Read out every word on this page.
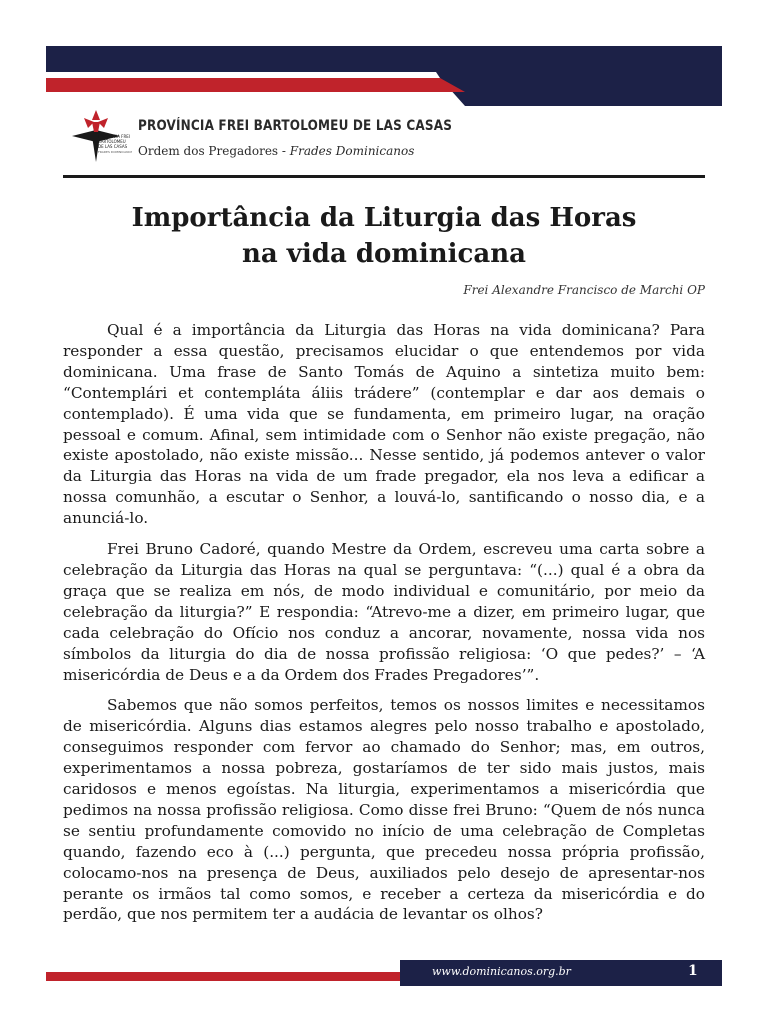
PROVÍNCIA FREI
BARTOLOMEU
DE LAS CASAS
FRADES DOMINICANOS
PROVÍNCIA FREI BARTOLOMEU DE LAS CASAS
Ordem dos Pregadores - Frades Dominicanos
Importância da Liturgia das Horas
na vida dominicana
Frei Alexandre Francisco de Marchi OP

Qual é a importância da Liturgia das Horas na vida dominicana? Para responder a essa questão, precisamos elucidar o que entendemos por vida dominicana. Uma frase de Santo Tomás de Aquino a sintetiza muito bem: “Contemplári et contempláta áliis trádere” (contemplar e dar aos demais o contemplado). É uma vida que se fundamenta, em primeiro lugar, na oração pessoal e comum. Afinal, sem intimidade com o Senhor não existe pregação, não existe apostolado, não existe missão... Nesse sentido, já podemos antever o valor da Liturgia das Horas na vida de um frade pregador, ela nos leva a edificar a nossa comunhão, a escutar o Senhor, a louvá-lo, santificando o nosso dia, e a anunciá-lo.

Frei Bruno Cadoré, quando Mestre da Ordem, escreveu uma carta sobre a celebração da Liturgia das Horas na qual se perguntava: “(...) qual é a obra da graça que se realiza em nós, de modo individual e comunitário, por meio da celebração da liturgia?” E respondia: “Atrevo-me a dizer, em primeiro lugar, que cada celebração do Ofício nos conduz a ancorar, novamente, nossa vida nos símbolos da liturgia do dia de nossa profissão religiosa: ‘O que pedes?’ – ‘A misericórdia de Deus e a da Ordem dos Frades Pregadores’”.

Sabemos que não somos perfeitos, temos os nossos limites e necessitamos de misericórdia. Alguns dias estamos alegres pelo nosso trabalho e apostolado, conseguimos responder com fervor ao chamado do Senhor; mas, em outros, experimentamos a nossa pobreza, gostaríamos de ter sido mais justos, mais caridosos e menos egoístas. Na liturgia, experimentamos a misericórdia que pedimos na nossa profissão religiosa. Como disse frei Bruno: “Quem de nós nunca se sentiu profundamente comovido no início de uma celebração de Completas quando, fazendo eco à (...) pergunta, que precedeu nossa própria profissão, colocamo-nos na presença de Deus, auxiliados pelo desejo de apresentar-nos perante os irmãos tal como somos, e receber a certeza da misericórdia e do perdão, que nos permitem ter a audácia de levantar os olhos?

www.dominicanos.org.br	1
